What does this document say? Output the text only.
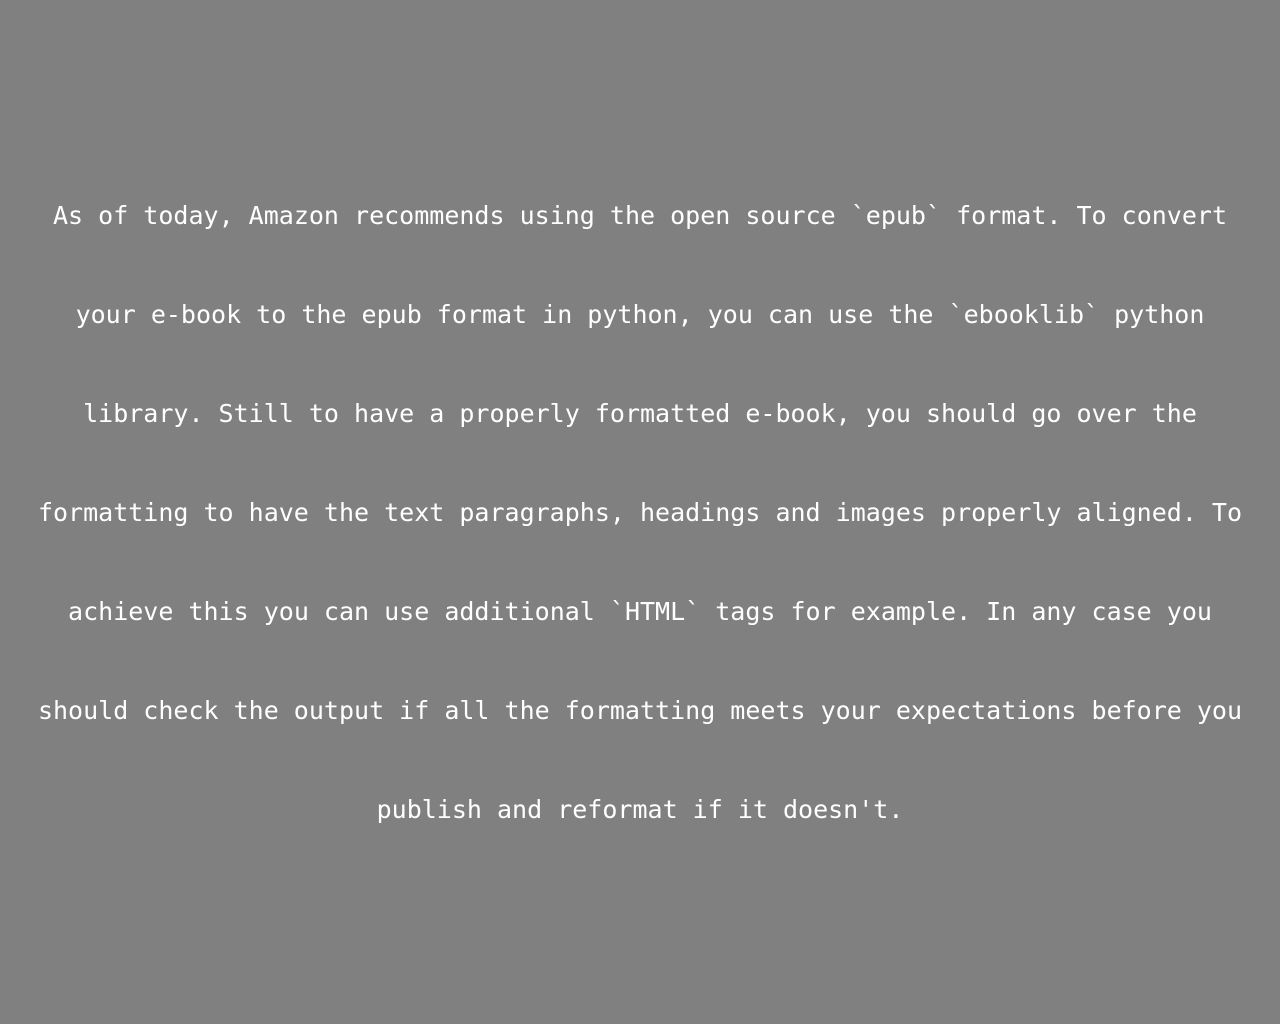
As of today, Amazon recommends using the open source `epub` format. To convert
your e-book to the epub format in python, you can use the `ebooklib` python
library. Still to have a properly formatted e-book, you should go over the
formatting to have the text paragraphs, headings and images properly aligned. To
achieve this you can use additional `HTML` tags for example. In any case you
should check the output if all the formatting meets your expectations before you
publish and reformat if it doesn't.
